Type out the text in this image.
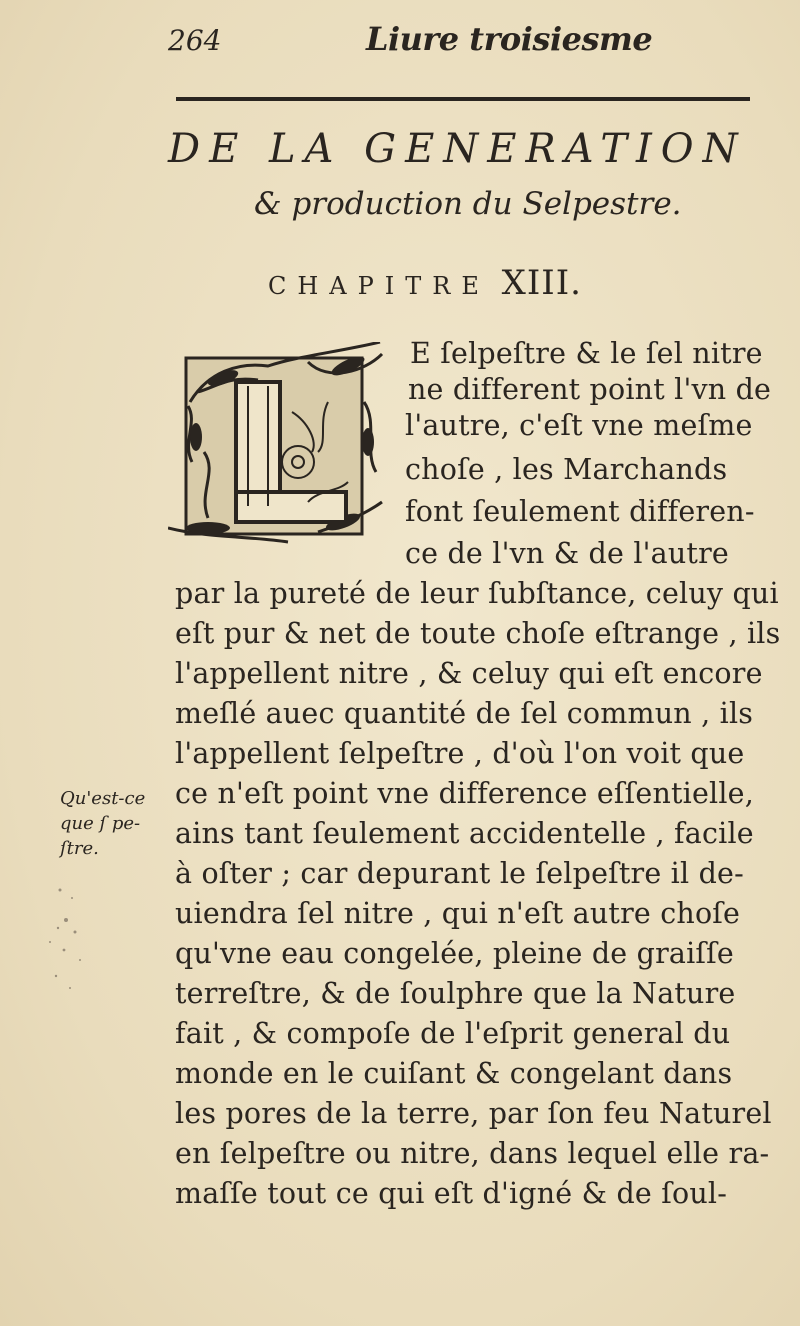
264	Liure troisiesme
DE LA GENERATION
& production du Selpestre.
CHAPITRE XIII.
E ſelpeſtre & le ſel nitre
ne different point l'vn de
l'autre, c'eſt vne meſme
choſe , les Marchands
font ſeulement differen-
ce de l'vn & de l'autre
par la pureté de leur ſubſtance, celuy qui
eſt pur & net de toute choſe eſtrange , ils
l'appellent nitre , & celuy qui eſt encore
meſlé auec quantité de ſel commun , ils
l'appellent ſelpeſtre , d'où l'on voit que
ce n'eſt point vne difference eſſentielle,
ains tant ſeulement accidentelle , facile
à oſter ; car depurant le ſelpeſtre il de-
uiendra ſel nitre , qui n'eſt autre choſe
qu'vne eau congelée, pleine de graiſſe
terreſtre, & de ſoulphre que la Nature
fait , & compoſe de l'eſprit general du
monde en le cuiſant & congelant dans
les pores de la terre, par ſon feu Naturel
en ſelpeſtre ou nitre, dans lequel elle ra-
maſſe tout ce qui eſt d'igné & de ſoul-
Qu'est-ce
que ſ pe-
ſtre.
